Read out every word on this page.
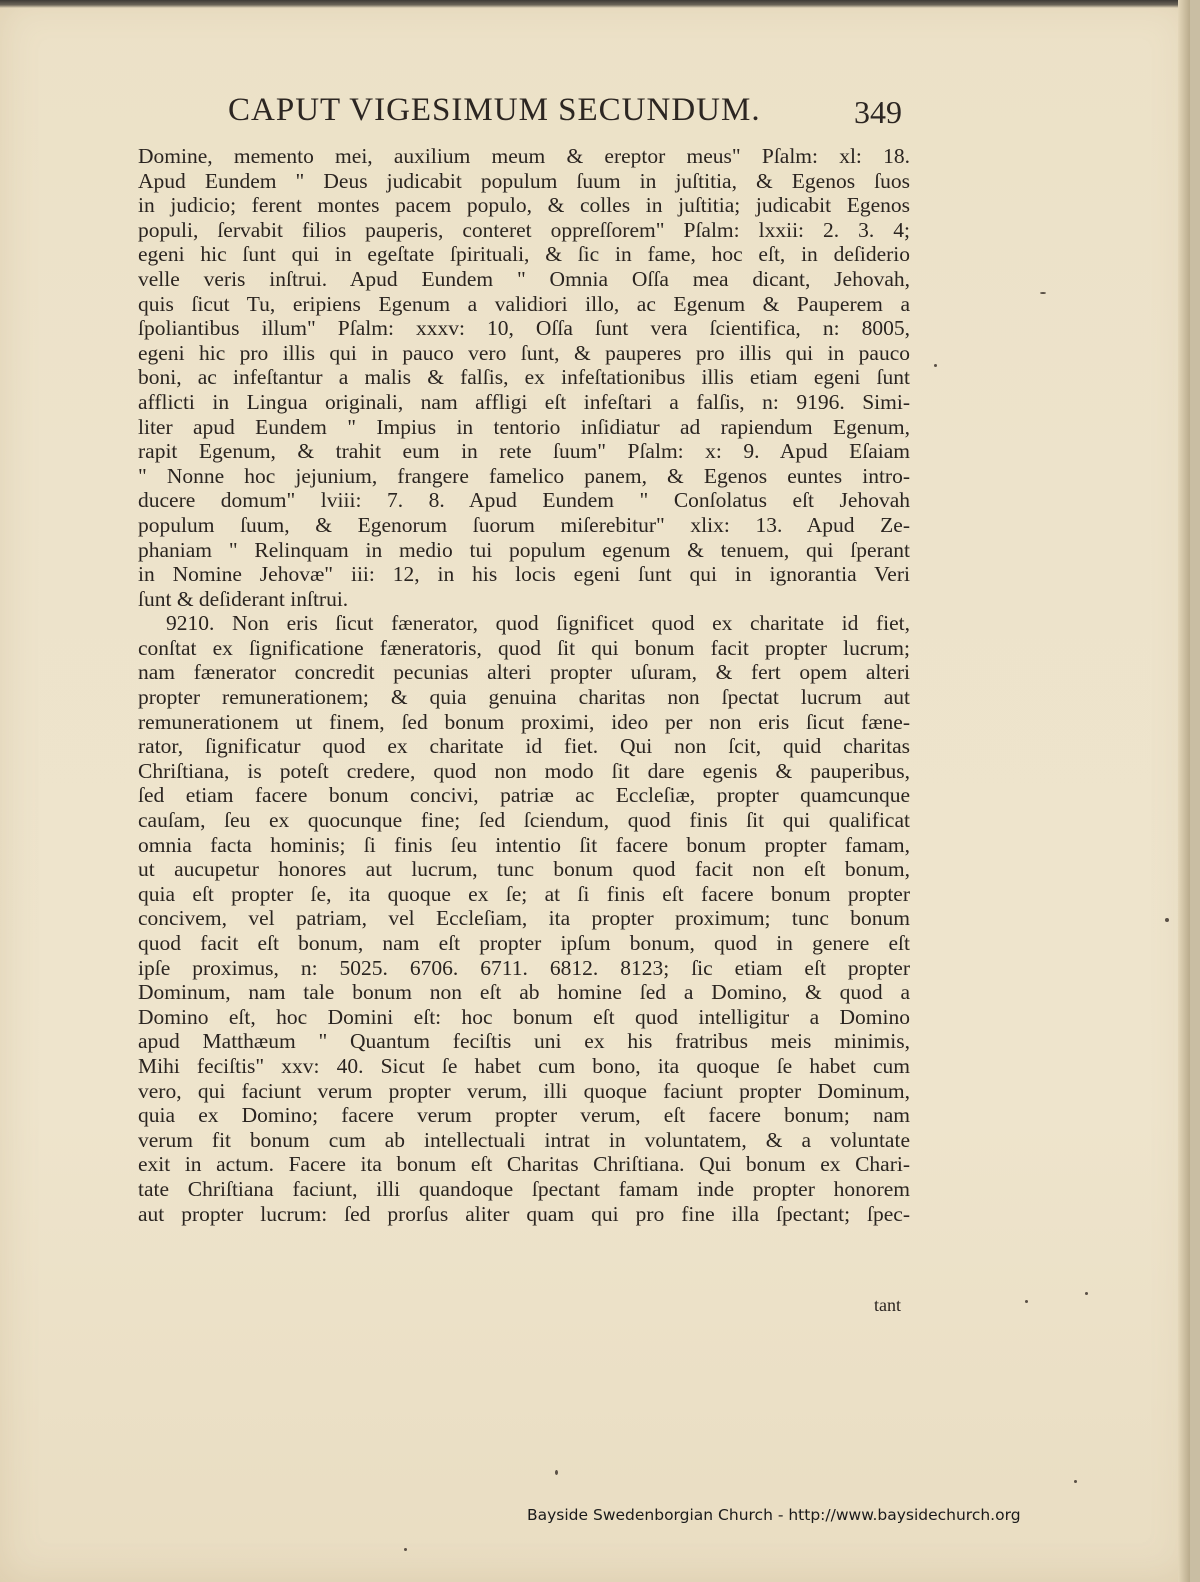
CAPUT VIGESIMUM SECUNDUM.	349
Domine, memento mei, auxilium meum & ereptor meus" Pſalm: xl: 18.
Apud Eundem " Deus judicabit populum ſuum in juſtitia, & Egenos ſuos
in judicio; ferent montes pacem populo, & colles in juſtitia; judicabit Egenos
populi, ſervabit filios pauperis, conteret oppreſſorem" Pſalm: lxxii: 2. 3. 4;
egeni hic ſunt qui in egeſtate ſpirituali, & ſic in fame, hoc eſt, in deſiderio
velle veris inſtrui. Apud Eundem " Omnia Oſſa mea dicant, Jehovah,
quis ſicut Tu, eripiens Egenum a validiori illo, ac Egenum & Pauperem a
ſpoliantibus illum" Pſalm: xxxv: 10, Oſſa ſunt vera ſcientifica, n: 8005,
egeni hic pro illis qui in pauco vero ſunt, & pauperes pro illis qui in pauco
boni, ac infeſtantur a malis & falſis, ex infeſtationibus illis etiam egeni ſunt
afflicti in Lingua originali, nam affligi eſt infeſtari a falſis, n: 9196. Simi-
liter apud Eundem " Impius in tentorio inſidiatur ad rapiendum Egenum,
rapit Egenum, & trahit eum in rete ſuum" Pſalm: x: 9. Apud Eſaiam
" Nonne hoc jejunium, frangere famelico panem, & Egenos euntes intro-
ducere domum" lviii: 7. 8. Apud Eundem " Conſolatus eſt Jehovah
populum ſuum, & Egenorum ſuorum miſerebitur" xlix: 13. Apud Ze-
phaniam " Relinquam in medio tui populum egenum & tenuem, qui ſperant
in Nomine Jehovæ" iii: 12, in his locis egeni ſunt qui in ignorantia Veri
ſunt & deſiderant inſtrui.
9210. Non eris ſicut fænerator, quod ſignificet quod ex charitate id fiet,
conſtat ex ſignificatione fæneratoris, quod ſit qui bonum facit propter lucrum;
nam fænerator concredit pecunias alteri propter uſuram, & fert opem alteri
propter remunerationem; & quia genuina charitas non ſpectat lucrum aut
remunerationem ut finem, ſed bonum proximi, ideo per non eris ſicut fæne-
rator, ſignificatur quod ex charitate id fiet. Qui non ſcit, quid charitas
Chriſtiana, is poteſt credere, quod non modo ſit dare egenis & pauperibus,
ſed etiam facere bonum concivi, patriæ ac Eccleſiæ, propter quamcunque
cauſam, ſeu ex quocunque fine; ſed ſciendum, quod finis ſit qui qualificat
omnia facta hominis; ſi finis ſeu intentio ſit facere bonum propter famam,
ut aucupetur honores aut lucrum, tunc bonum quod facit non eſt bonum,
quia eſt propter ſe, ita quoque ex ſe; at ſi finis eſt facere bonum propter
concivem, vel patriam, vel Eccleſiam, ita propter proximum; tunc bonum
quod facit eſt bonum, nam eſt propter ipſum bonum, quod in genere eſt
ipſe proximus, n: 5025. 6706. 6711. 6812. 8123; ſic etiam eſt propter
Dominum, nam tale bonum non eſt ab homine ſed a Domino, & quod a
Domino eſt, hoc Domini eſt: hoc bonum eſt quod intelligitur a Domino
apud Matthæum " Quantum feciſtis uni ex his fratribus meis minimis,
Mihi feciſtis" xxv: 40. Sicut ſe habet cum bono, ita quoque ſe habet cum
vero, qui faciunt verum propter verum, illi quoque faciunt propter Dominum,
quia ex Domino; facere verum propter verum, eſt facere bonum; nam
verum fit bonum cum ab intellectuali intrat in voluntatem, & a voluntate
exit in actum. Facere ita bonum eſt Charitas Chriſtiana. Qui bonum ex Chari-
tate Chriſtiana faciunt, illi quandoque ſpectant famam inde propter honorem
aut propter lucrum: ſed prorſus aliter quam qui pro fine illa ſpectant; ſpec-
tant
Bayside Swedenborgian Church - http://www.baysidechurch.org
